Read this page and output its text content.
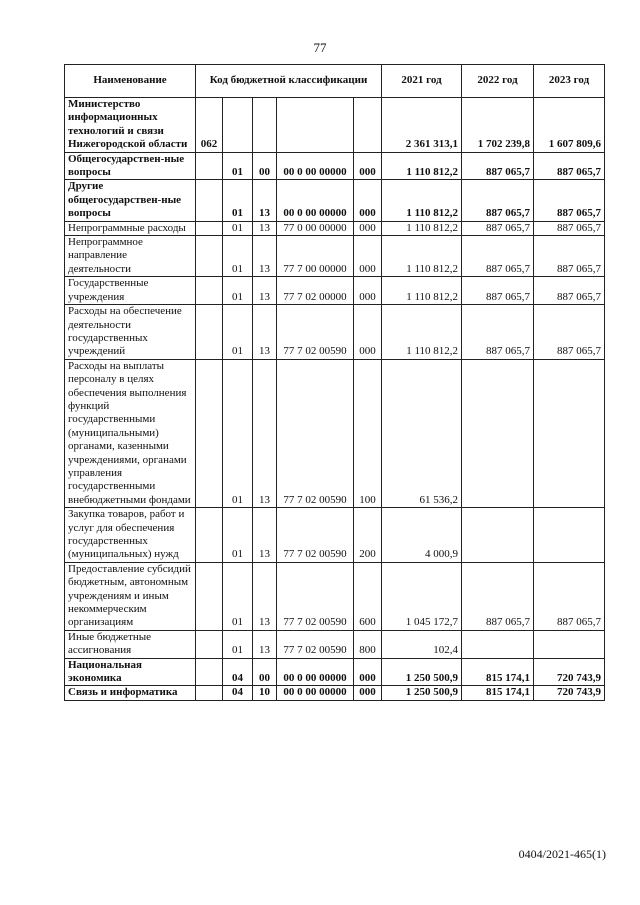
77
Наименование	Код бюджетной классификации					2021 год	2022 год	2023 год
Министерство информационных технологий и связи Нижегородской области	062					2 361 313,1	1 702 239,8	1 607 809,6
Общегосударствен-ные вопросы		01	00	00 0 00 00000	000	1 110 812,2	887 065,7	887 065,7
Другие общегосударствен-ные вопросы		01	13	00 0 00 00000	000	1 110 812,2	887 065,7	887 065,7
Непрограммные расходы		01	13	77 0 00 00000	000	1 110 812,2	887 065,7	887 065,7
Непрограммное направление деятельности		01	13	77 7 00 00000	000	1 110 812,2	887 065,7	887 065,7
Государственные учреждения		01	13	77 7 02 00000	000	1 110 812,2	887 065,7	887 065,7
Расходы на обеспечение деятельности государственных учреждений		01	13	77 7 02 00590	000	1 110 812,2	887 065,7	887 065,7
Расходы на выплаты персоналу в целях обеспечения выполнения функций государственными (муниципальными) органами, казенными учреждениями, органами управления государственными внебюджетными фондами		01	13	77 7 02 00590	100	61 536,2		
Закупка товаров, работ и услуг для обеспечения государственных (муниципальных) нужд		01	13	77 7 02 00590	200	4 000,9		
Предоставление субсидий бюджетным, автономным учреждениям и иным некоммерческим организациям		01	13	77 7 02 00590	600	1 045 172,7	887 065,7	887 065,7
Иные бюджетные ассигнования		01	13	77 7 02 00590	800	102,4		
Национальная экономика		04	00	00 0 00 00000	000	1 250 500,9	815 174,1	720 743,9
Связь и информатика		04	10	00 0 00 00000	000	1 250 500,9	815 174,1	720 743,9
0404/2021-465(1)
